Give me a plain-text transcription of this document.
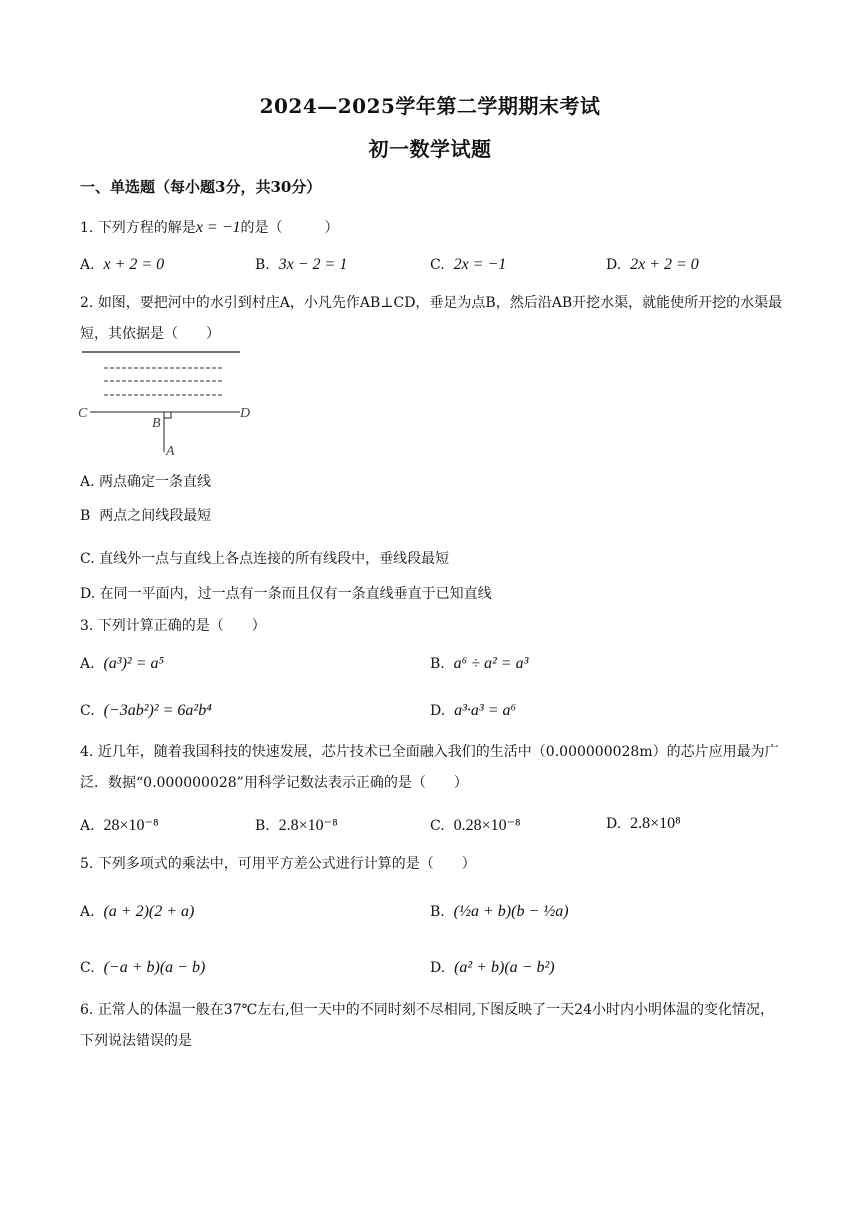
2024—2025学年第二学期期末考试
初一数学试题
一、单选题（每小题3分，共30分）
1. 下列方程的解是x = −1的是（　　　）
A. x + 2 = 0	B. 3x − 2 = 1	C. 2x = −1	D. 2x + 2 = 0
2. 如图，要把河中的水引到村庄A，小凡先作AB⊥CD，垂足为点B，然后沿AB开挖水渠，就能使所开挖的水渠最短，其依据是（　　）
C
B
D
A
A. 两点确定一条直线
B 两点之间线段最短
C. 直线外一点与直线上各点连接的所有线段中，垂线段最短
D. 在同一平面内，过一点有一条而且仅有一条直线垂直于已知直线
3. 下列计算正确的是（　　）
A. (a³)² = a⁵	B. a⁶ ÷ a² = a³
C. (−3ab²)² = 6a²b⁴	D. a³·a³ = a⁶
4. 近几年，随着我国科技的快速发展，芯片技术已全面融入我们的生活中（0.000000028m）的芯片应用最为广泛．数据“0.000000028”用科学记数法表示正确的是（　　）
A. 28×10⁻⁸	B. 2.8×10⁻⁸	C. 0.28×10⁻⁸	D. 2.8×10⁸
5. 下列多项式的乘法中，可用平方差公式进行计算的是（　　）
A. (a + 2)(2 + a)	B. (½a + b)(b − ½a)
C. (−a + b)(a − b)	D. (a² + b)(a − b²)
6. 正常人的体温一般在37℃左右,但一天中的不同时刻不尽相同,下图反映了一天24小时内小明体温的变化情况，下列说法错误的是
